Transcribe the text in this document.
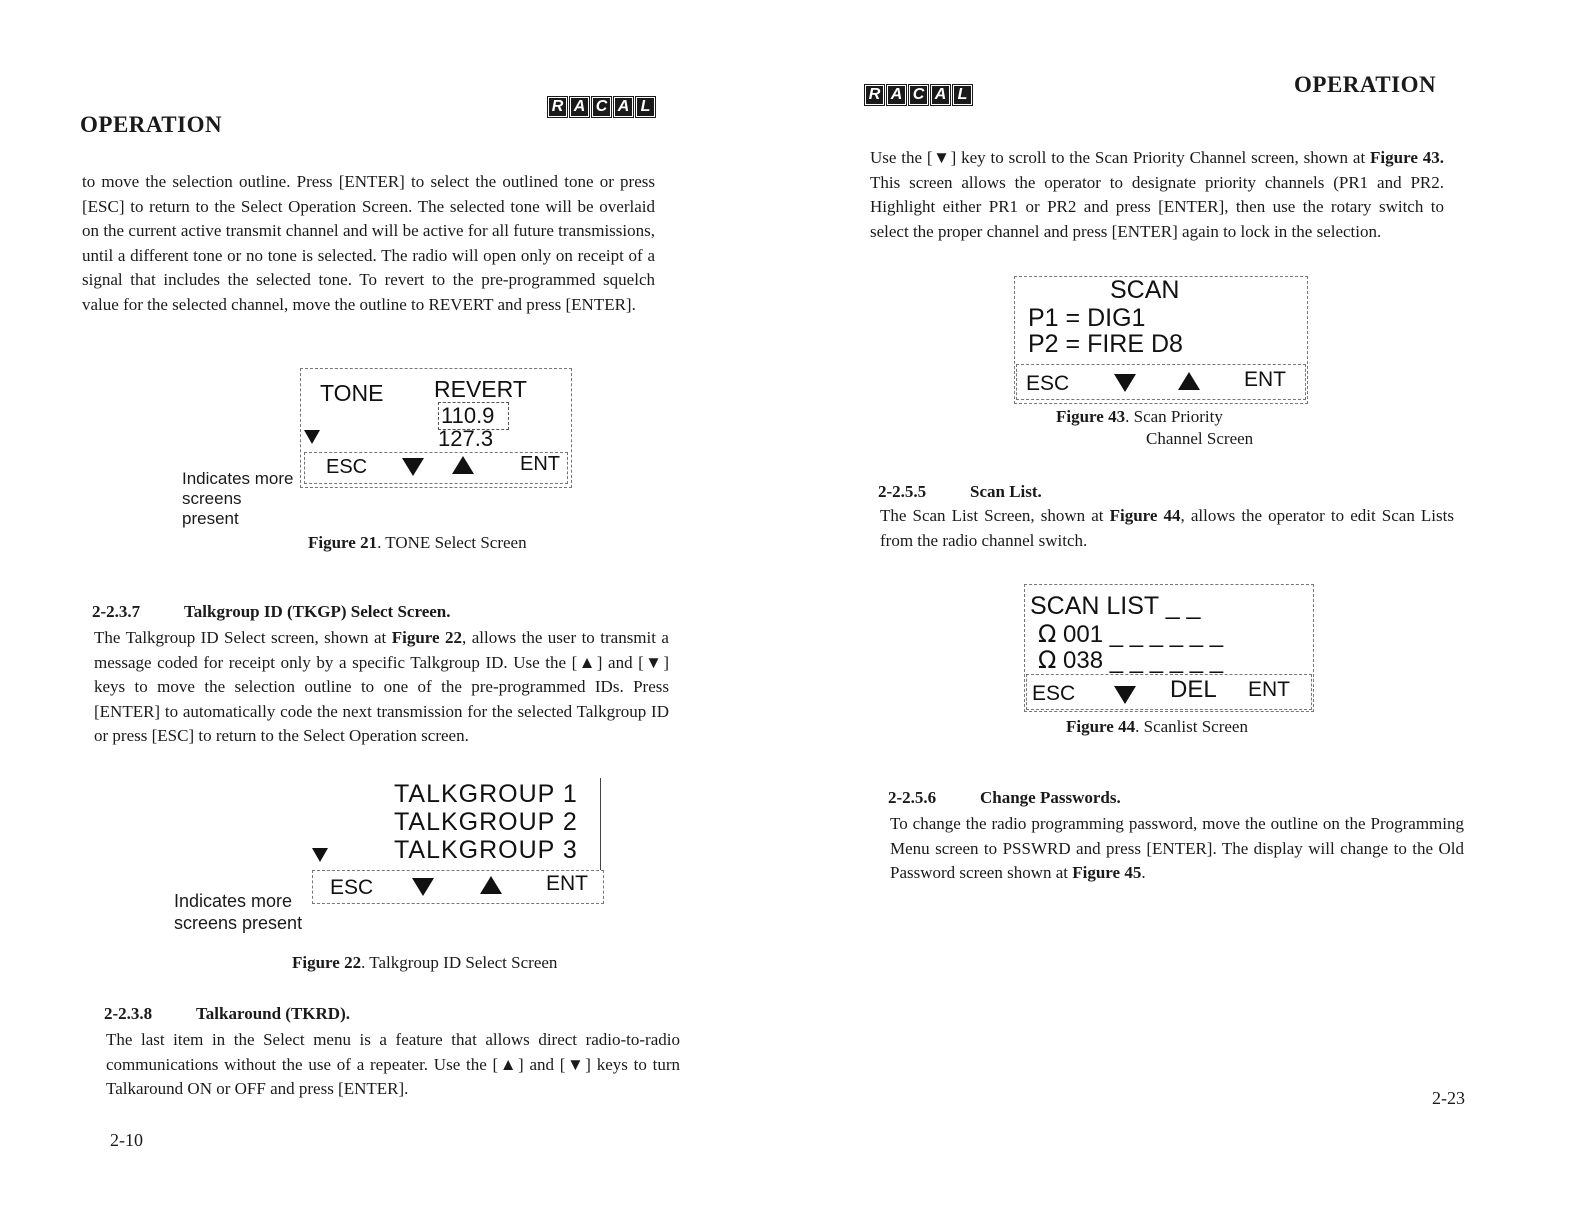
OPERATION
R A C A L

to move the selection outline. Press [ENTER] to select the outlined tone or press [ESC] to return to the Select Operation Screen. The selected tone will be overlaid on the current active transmit channel and will be active for all future transmissions, until a different tone or no tone is selected. The radio will open only on receipt of a signal that includes the selected tone. To revert to the pre-programmed squelch value for the selected channel, move the outline to REVERT and press [ENTER].

TONE REVERT
110.9
127.3
ESC	ENT
Indicates more screens present

Figure 21. TONE Select Screen

2-2.3.7	Talkgroup ID (TKGP) Select Screen.

The Talkgroup ID Select screen, shown at Figure 22, allows the user to transmit a message coded for receipt only by a specific Talkgroup ID. Use the [▲] and [▼] keys to move the selection outline to one of the pre-programmed IDs. Press [ENTER] to automatically code the next transmission for the selected Talkgroup ID or press [ESC] to return to the Select Operation screen.

TALKGROUP 1
TALKGROUP 2
TALKGROUP 3
ESC	ENT
Indicates more screens present

Figure 22. Talkgroup ID Select Screen

2-2.3.8	Talkaround (TKRD).

The last item in the Select menu is a feature that allows direct radio-to-radio communications without the use of a repeater. Use the [▲] and [▼] keys to turn Talkaround ON or OFF and press [ENTER].

2-10
R A C A L	OPERATION

Use the [▼] key to scroll to the Scan Priority Channel screen, shown at Figure 43. This screen allows the operator to designate priority channels (PR1 and PR2. Highlight either PR1 or PR2 and press [ENTER], then use the rotary switch to select the proper channel and press [ENTER] again to lock in the selection.

SCAN
P1 = DIG1
P2 = FIRE D8
ESC	ENT

Figure 43. Scan Priority

Channel Screen

2-2.5.5	Scan List.

The Scan List Screen, shown at Figure 44, allows the operator to edit Scan Lists from the radio channel switch.

SCAN LIST _ _
Ω 001 _ _ _ _ _ _
Ω 038 _ _ _ _ _ _
ESC	DEL ENT

Figure 44. Scanlist Screen

2-2.5.6	Change Passwords.

To change the radio programming password, move the outline on the Programming Menu screen to PSSWRD and press [ENTER]. The display will change to the Old Password screen shown at Figure 45.

2-23
